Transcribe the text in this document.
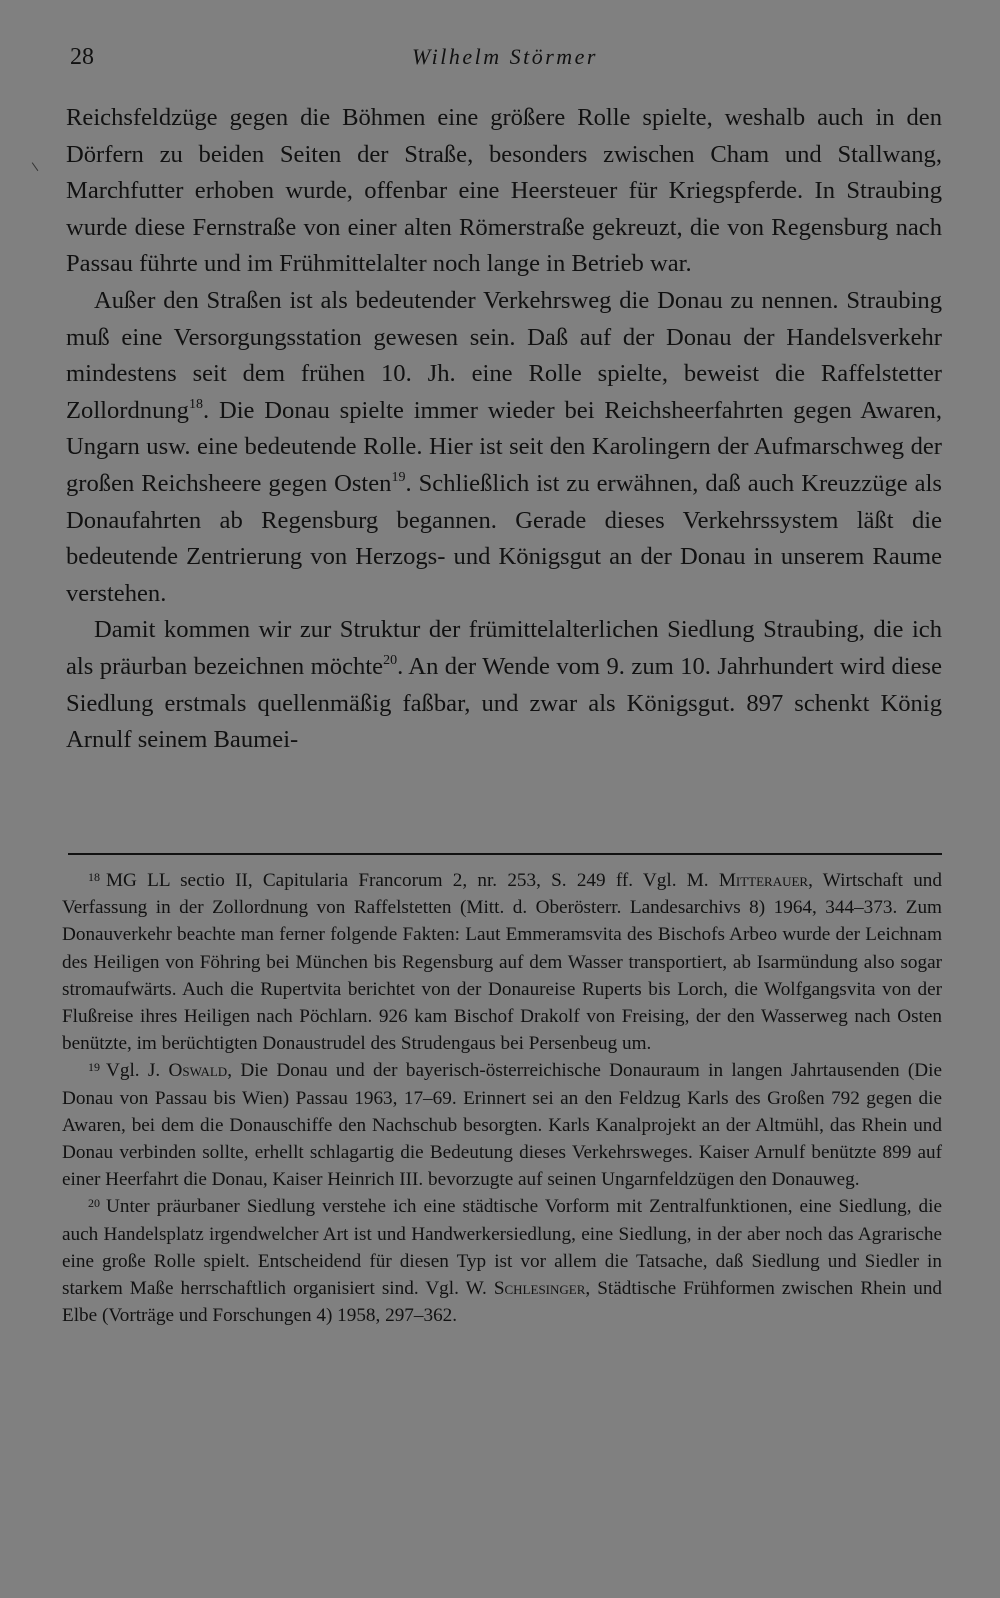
28	Wilhelm Störmer

Reichsfeldzüge gegen die Böhmen eine größere Rolle spielte, weshalb auch in den Dörfern zu beiden Seiten der Straße, besonders zwischen Cham und Stallwang, Marchfutter erhoben wurde, offenbar eine Heersteuer für Kriegspferde. In Straubing wurde diese Fernstraße von einer alten Römerstraße gekreuzt, die von Regensburg nach Passau führte und im Frühmittelalter noch lange in Betrieb war.

Außer den Straßen ist als bedeutender Verkehrsweg die Donau zu nennen. Straubing muß eine Versorgungsstation gewesen sein. Daß auf der Donau der Handelsverkehr mindestens seit dem frühen 10. Jh. eine Rolle spielte, beweist die Raffelstetter Zollordnung$^{18}$. Die Donau spielte immer wieder bei Reichsheerfahrten gegen Awaren, Ungarn usw. eine bedeutende Rolle. Hier ist seit den Karolingern der Aufmarschweg der großen Reichsheere gegen Osten$^{19}$. Schließlich ist zu erwähnen, daß auch Kreuzzüge als Donaufahrten ab Regensburg begannen. Gerade dieses Verkehrssystem läßt die bedeutende Zentrierung von Herzogs- und Königsgut an der Donau in unserem Raume verstehen.

Damit kommen wir zur Struktur der frümittelalterlichen Siedlung Straubing, die ich als präurban bezeichnen möchte$^{20}$. An der Wende vom 9. zum 10. Jahrhundert wird diese Siedlung erstmals quellenmäßig faßbar, und zwar als Königsgut. 897 schenkt König Arnulf seinem Baumei-

$^{18}$ MG LL sectio II, Capitularia Francorum 2, nr. 253, S. 249 ff. Vgl. M. Mitterauer, Wirtschaft und Verfassung in der Zollordnung von Raffelstetten (Mitt. d. Oberösterr. Landesarchivs 8) 1964, 344–373. Zum Donauverkehr beachte man ferner folgende Fakten: Laut Emmeramsvita des Bischofs Arbeo wurde der Leichnam des Heiligen von Föhring bei München bis Regensburg auf dem Wasser transportiert, ab Isarmündung also sogar stromaufwärts. Auch die Rupertvita berichtet von der Donaureise Ruperts bis Lorch, die Wolfgangsvita von der Flußreise ihres Heiligen nach Pöchlarn. 926 kam Bischof Drakolf von Freising, der den Wasserweg nach Osten benützte, im berüchtigten Donaustrudel des Strudengaus bei Persenbeug um.

$^{19}$ Vgl. J. Oswald, Die Donau und der bayerisch-österreichische Donauraum in langen Jahrtausenden (Die Donau von Passau bis Wien) Passau 1963, 17–69. Erinnert sei an den Feldzug Karls des Großen 792 gegen die Awaren, bei dem die Donauschiffe den Nachschub besorgten. Karls Kanalprojekt an der Altmühl, das Rhein und Donau verbinden sollte, erhellt schlagartig die Bedeutung dieses Verkehrsweges. Kaiser Arnulf benützte 899 auf einer Heerfahrt die Donau, Kaiser Heinrich III. bevorzugte auf seinen Ungarnfeldzügen den Donauweg.

$^{20}$ Unter präurbaner Siedlung verstehe ich eine städtische Vorform mit Zentralfunktionen, eine Siedlung, die auch Handelsplatz irgendwelcher Art ist und Handwerkersiedlung, eine Siedlung, in der aber noch das Agrarische eine große Rolle spielt. Entscheidend für diesen Typ ist vor allem die Tatsache, daß Siedlung und Siedler in starkem Maße herrschaftlich organisiert sind. Vgl. W. Schlesinger, Städtische Frühformen zwischen Rhein und Elbe (Vorträge und Forschungen 4) 1958, 297–362.
